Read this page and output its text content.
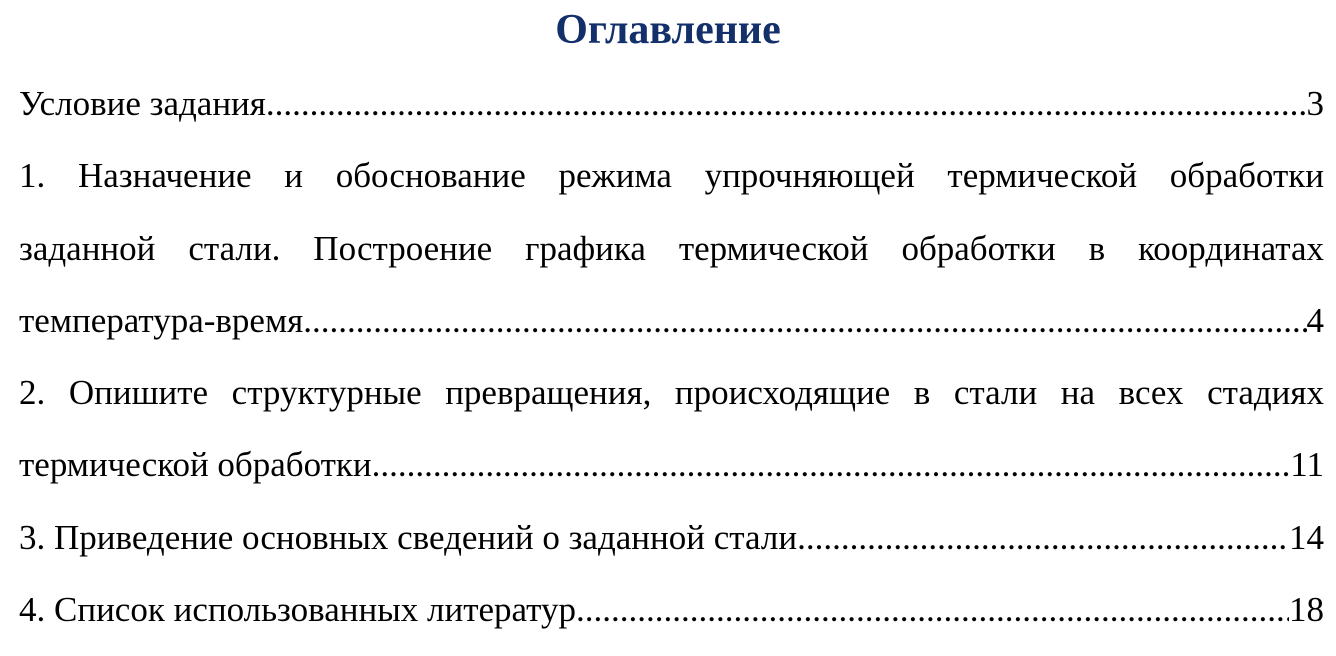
Оглавление
Условие задания .....	3
1. Назначение и обоснование режима упрочняющей термической обработки
заданной стали. Построение графика термической обработки в координатах
температура-время. .....	4
2. Опишите структурные превращения, происходящие в стали на всех стадиях
термической обработки. .....	11
3. Приведение основных сведений о заданной стали .....	14
4. Список использованных литератур .....	18
